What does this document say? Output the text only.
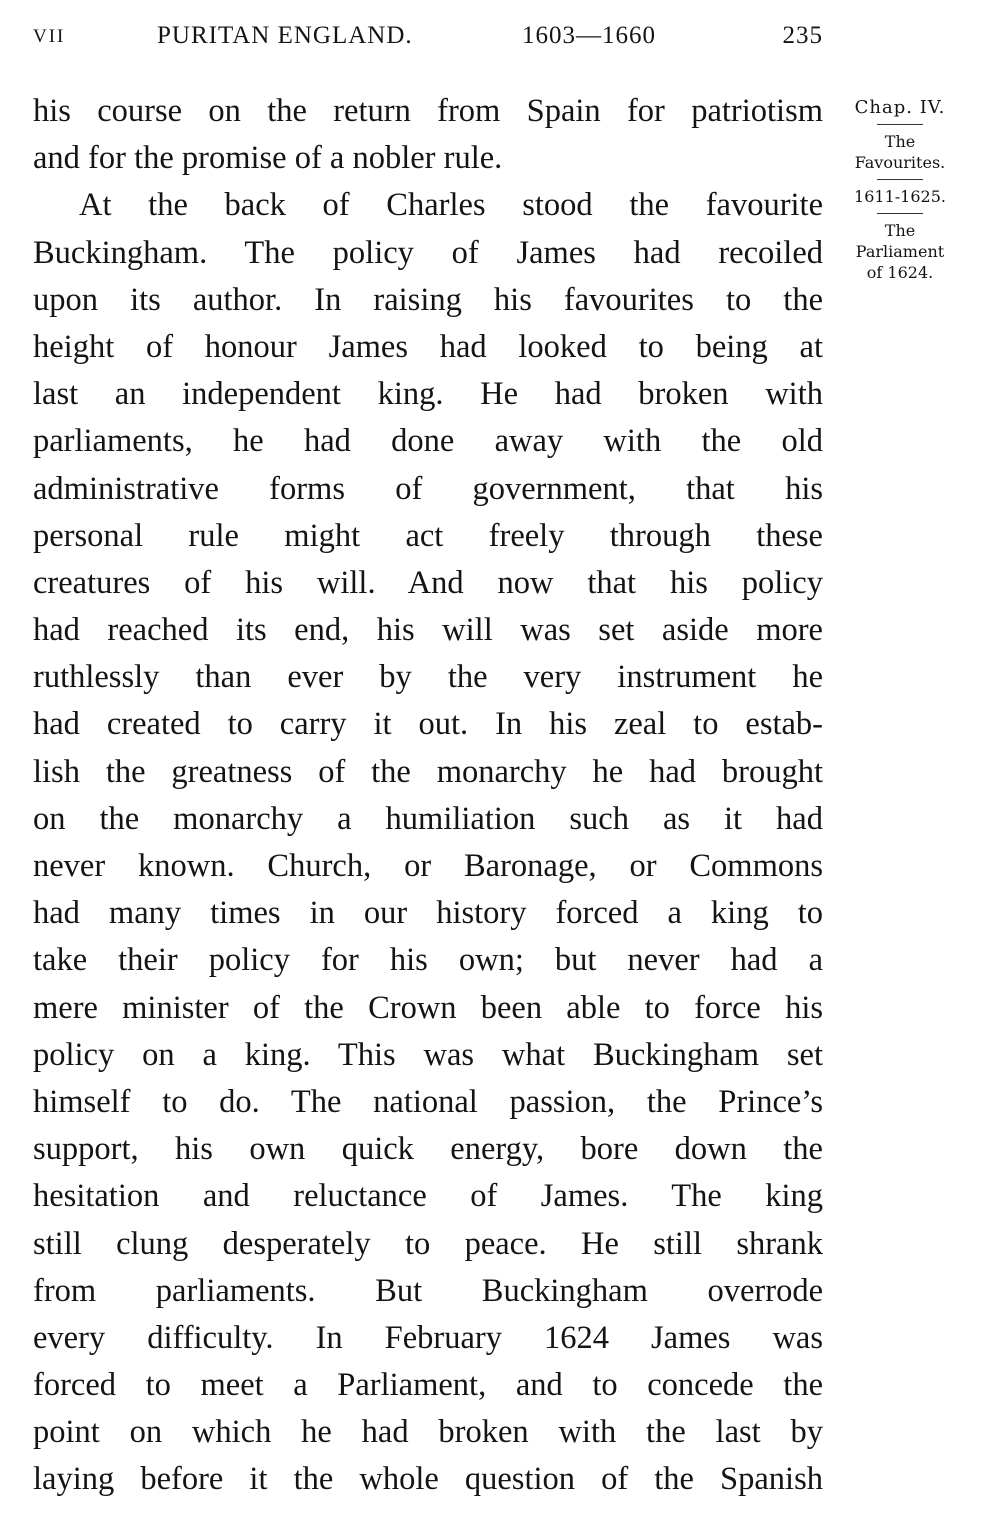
VII	PURITAN ENGLAND.	1603—1660	235
his course on the return from Spain for patriotism
and for the promise of a nobler rule.
At the back of Charles stood the favourite
Buckingham. The policy of James had recoiled
upon its author. In raising his favourites to the
height of honour James had looked to being at
last an independent king. He had broken with
parliaments, he had done away with the old
administrative forms of government, that his
personal rule might act freely through these
creatures of his will. And now that his policy
had reached its end, his will was set aside more
ruthlessly than ever by the very instrument he
had created to carry it out. In his zeal to estab-
lish the greatness of the monarchy he had brought
on the monarchy a humiliation such as it had
never known. Church, or Baronage, or Commons
had many times in our history forced a king to
take their policy for his own; but never had a
mere minister of the Crown been able to force his
policy on a king. This was what Buckingham set
himself to do. The national passion, the Prince’s
support, his own quick energy, bore down the
hesitation and reluctance of James. The king
still clung desperately to peace. He still shrank
from parliaments. But Buckingham overrode
every difficulty. In February 1624 James was
forced to meet a Parliament, and to concede the
point on which he had broken with the last by
laying before it the whole question of the Spanish
Chap. IV.
The
Favourites.
1611-1625.
The
Parliament
of 1624.
